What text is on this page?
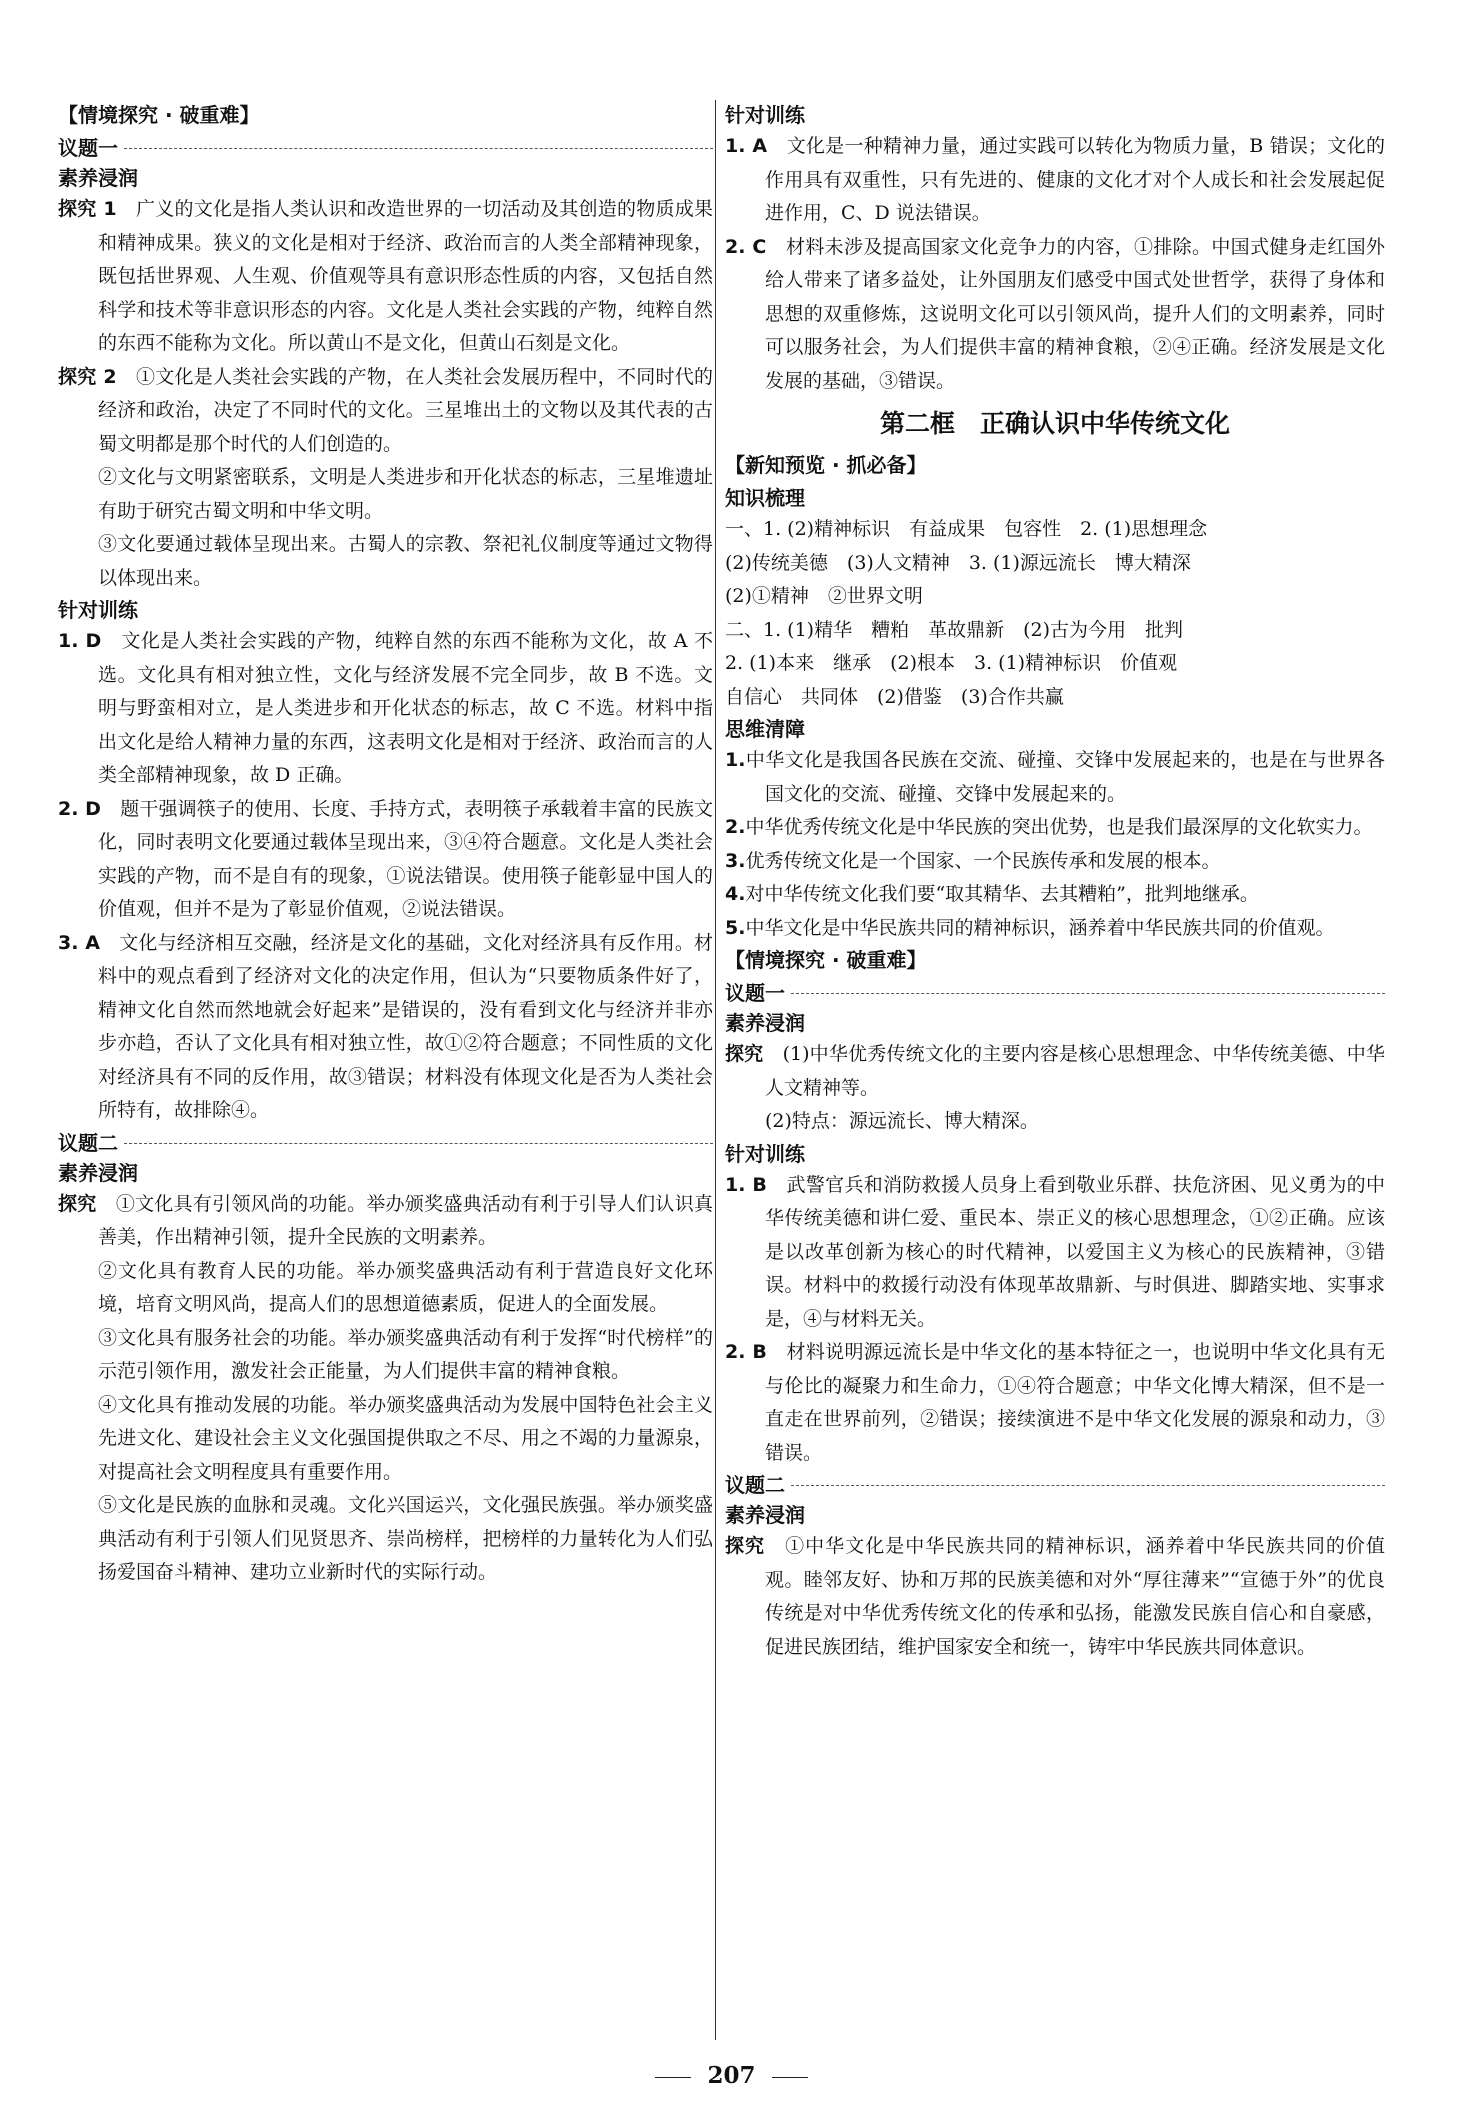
【情境探究 · 破重难】
议题一
素养浸润

探究 1　 广义的文化是指人类认识和改造世界的一切活动及其创造的物质成果和精神成果。狭义的文化是相对于经济、政治而言的人类全部精神现象，既包括世界观、人生观、价值观等具有意识形态性质的内容，又包括自然科学和技术等非意识形态的内容。文化是人类社会实践的产物，纯粹自然的东西不能称为文化。所以黄山不是文化，但黄山石刻是文化。

探究 2　 ①文化是人类社会实践的产物，在人类社会发展历程中，不同时代的经济和政治，决定了不同时代的文化。三星堆出土的文物以及其代表的古蜀文明都是那个时代的人们创造的。

②文化与文明紧密联系，文明是人类进步和开化状态的标志，三星堆遗址有助于研究古蜀文明和中华文明。

③文化要通过载体呈现出来。古蜀人的宗教、祭祀礼仪制度等通过文物得以体现出来。

针对训练

1. D　 文化是人类社会实践的产物，纯粹自然的东西不能称为文化，故 A 不选。文化具有相对独立性，文化与经济发展不完全同步，故 B 不选。文明与野蛮相对立，是人类进步和开化状态的标志，故 C 不选。材料中指出文化是给人精神力量的东西，这表明文化是相对于经济、政治而言的人类全部精神现象，故 D 正确。

2. D　 题干强调筷子的使用、长度、手持方式，表明筷子承载着丰富的民族文化，同时表明文化要通过载体呈现出来，③④符合题意。文化是人类社会实践的产物，而不是自有的现象，①说法错误。使用筷子能彰显中国人的价值观，但并不是为了彰显价值观，②说法错误。

3. A　 文化与经济相互交融，经济是文化的基础，文化对经济具有反作用。材料中的观点看到了经济对文化的决定作用，但认为“只要物质条件好了，精神文化自然而然地就会好起来”是错误的，没有看到文化与经济并非亦步亦趋，否认了文化具有相对独立性，故①②符合题意；不同性质的文化对经济具有不同的反作用，故③错误；材料没有体现文化是否为人类社会所特有，故排除④。

议题二
素养浸润

探究　 ①文化具有引领风尚的功能。举办颁奖盛典活动有利于引导人们认识真善美，作出精神引领，提升全民族的文明素养。

②文化具有教育人民的功能。举办颁奖盛典活动有利于营造良好文化环境，培育文明风尚，提高人们的思想道德素质，促进人的全面发展。

③文化具有服务社会的功能。举办颁奖盛典活动有利于发挥“时代榜样”的示范引领作用，激发社会正能量，为人们提供丰富的精神食粮。

④文化具有推动发展的功能。举办颁奖盛典活动为发展中国特色社会主义先进文化、建设社会主义文化强国提供取之不尽、用之不竭的力量源泉，对提高社会文明程度具有重要作用。

⑤文化是民族的血脉和灵魂。文化兴国运兴，文化强民族强。举办颁奖盛典活动有利于引领人们见贤思齐、崇尚榜样，把榜样的力量转化为人们弘扬爱国奋斗精神、建功立业新时代的实际行动。

针对训练

1. A　 文化是一种精神力量，通过实践可以转化为物质力量，B 错误；文化的作用具有双重性，只有先进的、健康的文化才对个人成长和社会发展起促进作用，C、D 说法错误。

2. C　 材料未涉及提高国家文化竞争力的内容，①排除。中国式健身走红国外给人带来了诸多益处，让外国朋友们感受中国式处世哲学，获得了身体和思想的双重修炼，这说明文化可以引领风尚，提升人们的文明素养，同时可以服务社会，为人们提供丰富的精神食粮，②④正确。经济发展是文化发展的基础，③错误。

第二框　正确认识中华传统文化
【新知预览 · 抓必备】
知识梳理

一、1. (2)精神标识　有益成果　包容性　2. (1)思想理念

(2)传统美德　(3)人文精神　3. (1)源远流长　博大精深

(2)①精神　②世界文明

二、1. (1)精华　糟粕　革故鼎新　(2)古为今用　批判

2. (1)本来　继承　(2)根本　3. (1)精神标识　价值观

自信心　共同体　(2)借鉴　(3)合作共赢

思维清障

1.中华文化是我国各民族在交流、碰撞、交锋中发展起来的，也是在与世界各国文化的交流、碰撞、交锋中发展起来的。

2.中华优秀传统文化是中华民族的突出优势，也是我们最深厚的文化软实力。

3.优秀传统文化是一个国家、一个民族传承和发展的根本。

4.对中华传统文化我们要“取其精华、去其糟粕”，批判地继承。

5.中华文化是中华民族共同的精神标识，涵养着中华民族共同的价值观。

【情境探究 · 破重难】
议题一
素养浸润

探究　 (1)中华优秀传统文化的主要内容是核心思想理念、中华传统美德、中华人文精神等。

(2)特点：源远流长、博大精深。

针对训练

1. B　 武警官兵和消防救援人员身上看到敬业乐群、扶危济困、见义勇为的中华传统美德和讲仁爱、重民本、崇正义的核心思想理念，①②正确。应该是以改革创新为核心的时代精神，以爱国主义为核心的民族精神，③错误。材料中的救援行动没有体现革故鼎新、与时俱进、脚踏实地、实事求是，④与材料无关。

2. B　 材料说明源远流长是中华文化的基本特征之一，也说明中华文化具有无与伦比的凝聚力和生命力，①④符合题意；中华文化博大精深，但不是一直走在世界前列，②错误；接续演进不是中华文化发展的源泉和动力，③错误。

议题二
素养浸润

探究　 ①中华文化是中华民族共同的精神标识，涵养着中华民族共同的价值观。睦邻友好、协和万邦的民族美德和对外“厚往薄来”“宣德于外”的优良传统是对中华优秀传统文化的传承和弘扬，能激发民族自信心和自豪感，促进民族团结，维护国家安全和统一，铸牢中华民族共同体意识。

207
